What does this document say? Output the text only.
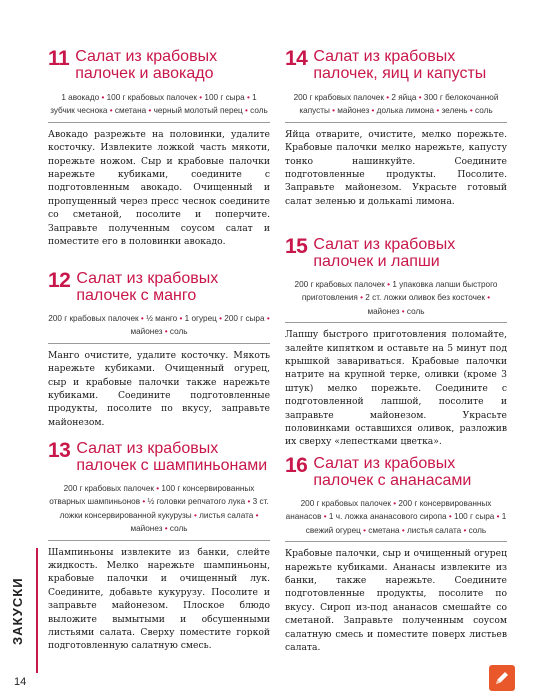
11 Салат из крабовых палочек и авокадо
1 авокадо • 100 г крабовых палочек • 100 г сыра • 1 зубчик чеснока • сметана • черный молотый перец • соль
Авокадо разрежьте на половинки, удалите косточку. Извлеките ложкой часть мякоти, порежьте ножом. Сыр и крабовые палочки нарежьте кубиками, соедините с подготовленным авокадо. Очищенный и пропущенный через пресс чеснок соедините со сметаной, посолите и поперчите. Заправьте полученным соусом салат и поместите его в половинки авокадо.
12 Салат из крабовых палочек с манго
200 г крабовых палочек • ½ манго • 1 огурец • 200 г сыра • майонез • соль
Манго очистите, удалите косточку. Мякоть нарежьте кубиками. Очищенный огурец, сыр и крабовые палочки также нарежьте кубиками. Соедините подготовленные продукты, посолите по вкусу, заправьте майонезом.
13 Салат из крабовых палочек с шампиньонами
200 г крабовых палочек • 100 г консервированных отварных шампиньонов • ½ головки репчатого лука • 3 ст. ложки консервированной кукурузы • листья салата • майонез • соль
Шампиньоны извлеките из банки, слейте жидкость. Мелко нарежьте шампиньоны, крабовые палочки и очищенный лук. Соедините, добавьте кукурузу. Посолите и заправьте майонезом. Плоское блюдо выложите вымытыми и обсушенными листьями салата. Сверху поместите горкой подготовленную салатную смесь.
14 Салат из крабовых палочек, яиц и капусты
200 г крабовых палочек • 2 яйца • 300 г белокочанной капусты • майонез • долька лимона • зелень • соль
Яйца отварите, очистите, мелко порежьте. Крабовые палочки мелко нарежьте, капусту тонко нашинкуйте. Соедините подготовленные продукты. Посолите. Заправьте майонезом. Украсьте готовый салат зеленью и долькami лимона.
15 Салат из крабовых палочек и лапши
200 г крабовых палочек • 1 упаковка лапши быстрого приготовления • 2 ст. ложки оливок без косточек • майонез • соль
Лапшу быстрого приготовления поломайте, залейте кипятком и оставьте на 5 минут под крышкой завариваться. Крабовые палочки натрите на крупной терке, оливки (кроме 3 штук) мелко порежьте. Соедините с подготовленной лапшой, посолите и заправьте майонезом. Украсьте половинками оставшихся оливок, разложив их сверху «лепестками цветка».
16 Салат из крабовых палочек с ананасами
200 г крабовых палочек • 200 г консервированных ананасов • 1 ч. ложка ананасового сиропа • 100 г сыра • 1 свежий огурец • сметана • листья салата • соль
Крабовые палочки, сыр и очищенный огурец нарежьте кубиками. Ананасы извлеките из банки, также нарежьте. Соедините подготовленные продукты, посолите по вкусу. Сироп из-под ананасов смешайте со сметаной. Заправьте полученным соусом салатную смесь и поместите поверх листьев салата.
ЗАКУСКИ
14
